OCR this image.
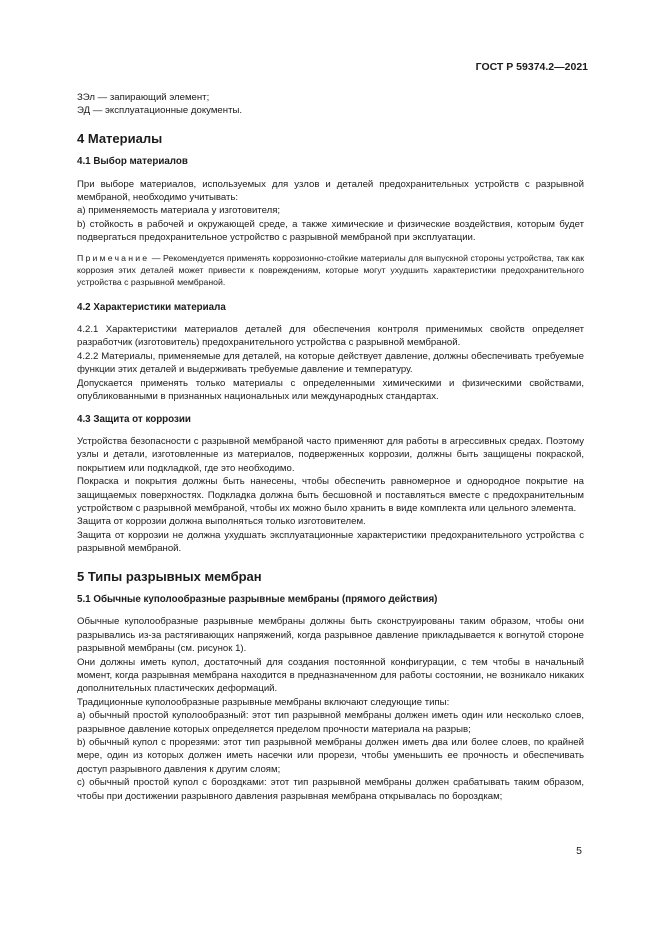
ГОСТ Р 59374.2—2021

ЗЭл — запирающий элемент;

ЭД — эксплуатационные документы.

4 Материалы
4.1 Выбор материалов

При выборе материалов, используемых для узлов и деталей предохранительных устройств с разрывной мембраной, необходимо учитывать:

а) применяемость материала у изготовителя;

b) стойкость в рабочей и окружающей среде, а также химические и физические воздействия, которым будет подвергаться предохранительное устройство с разрывной мембраной при эксплуатации.

Примечание — Рекомендуется применять коррозионно-стойкие материалы для выпускной стороны устройства, так как коррозия этих деталей может привести к повреждениям, которые могут ухудшить характеристики предохранительного устройства с разрывной мембраной.

4.2 Характеристики материала

4.2.1 Характеристики материалов деталей для обеспечения контроля применимых свойств определяет разработчик (изготовитель) предохранительного устройства с разрывной мембраной.

4.2.2 Материалы, применяемые для деталей, на которые действует давление, должны обеспечивать требуемые функции этих деталей и выдерживать требуемые давление и температуру.

Допускается применять только материалы с определенными химическими и физическими свойствами, опубликованными в признанных национальных или международных стандартах.

4.3 Защита от коррозии

Устройства безопасности с разрывной мембраной часто применяют для работы в агрессивных средах. Поэтому узлы и детали, изготовленные из материалов, подверженных коррозии, должны быть защищены покраской, покрытием или подкладкой, где это необходимо.

Покраска и покрытия должны быть нанесены, чтобы обеспечить равномерное и однородное покрытие на защищаемых поверхностях. Подкладка должна быть бесшовной и поставляться вместе с предохранительным устройством с разрывной мембраной, чтобы их можно было хранить в виде комплекта или цельного элемента.

Защита от коррозии должна выполняться только изготовителем.

Защита от коррозии не должна ухудшать эксплуатационные характеристики предохранительного устройства с разрывной мембраной.

5 Типы разрывных мембран
5.1 Обычные куполообразные разрывные мембраны (прямого действия)

Обычные куполообразные разрывные мембраны должны быть сконструированы таким образом, чтобы они разрывались из-за растягивающих напряжений, когда разрывное давление прикладывается к вогнутой стороне разрывной мембраны (см. рисунок 1).

Они должны иметь купол, достаточный для создания постоянной конфигурации, с тем чтобы в начальный момент, когда разрывная мембрана находится в предназначенном для работы состоянии, не возникало никаких дополнительных пластических деформаций.

Традиционные куполообразные разрывные мембраны включают следующие типы:

а) обычный простой куполообразный: этот тип разрывной мембраны должен иметь один или несколько слоев, разрывное давление которых определяется пределом прочности материала на разрыв;

b) обычный купол с прорезями: этот тип разрывной мембраны должен иметь два или более слоев, по крайней мере, один из которых должен иметь насечки или прорези, чтобы уменьшить ее прочность и обеспечивать доступ разрывного давления к другим слоям;

с) обычный простой купол с бороздками: этот тип разрывной мембраны должен срабатывать таким образом, чтобы при достижении разрывного давления разрывная мембрана открывалась по бороздкам;

5
